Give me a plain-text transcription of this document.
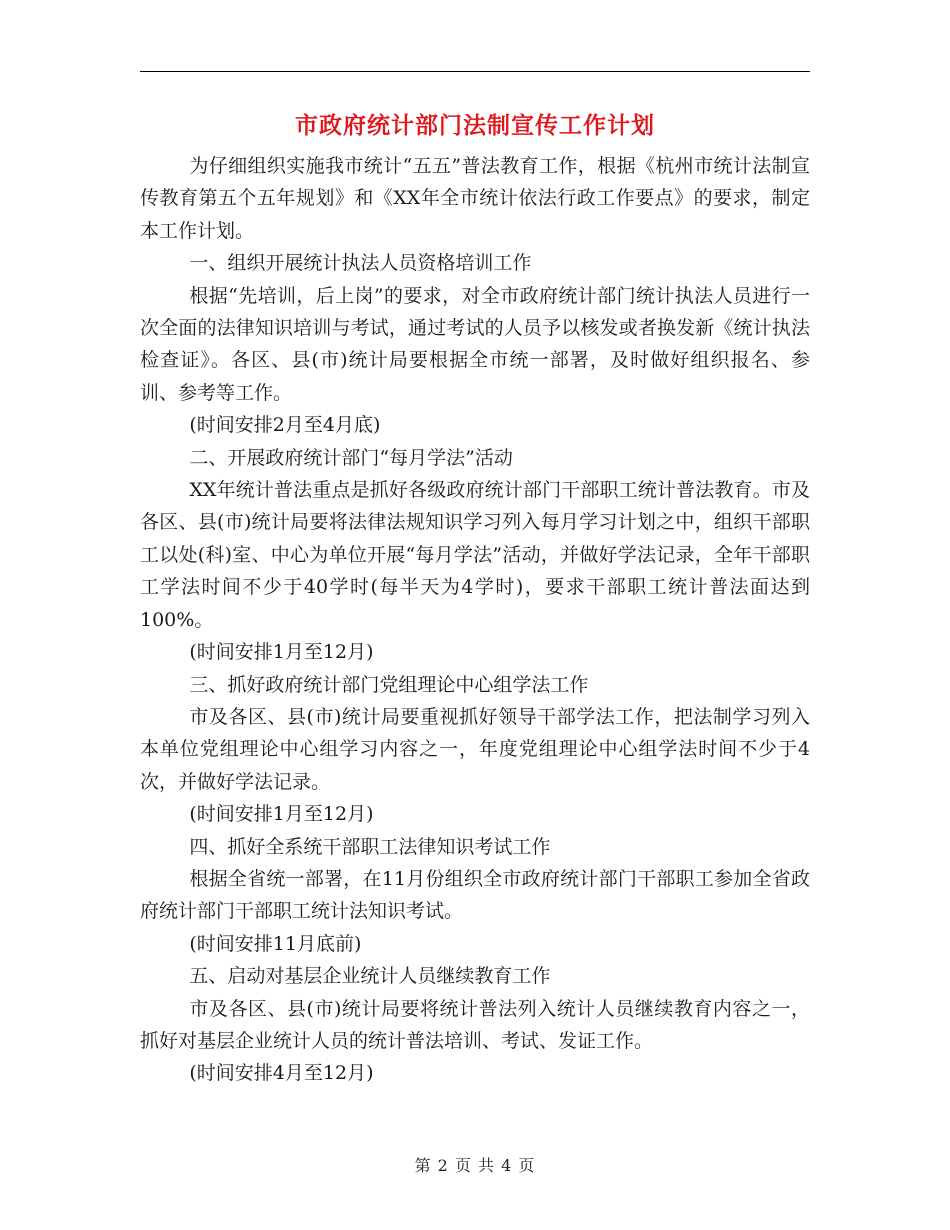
市政府统计部门法制宣传工作计划

为仔细组织实施我市统计“五五”普法教育工作，根据《杭州市统计法制宣传教育第五个五年规划》和《XX年全市统计依法行政工作要点》的要求，制定本工作计划。

一、组织开展统计执法人员资格培训工作

根据“先培训，后上岗”的要求，对全市政府统计部门统计执法人员进行一次全面的法律知识培训与考试，通过考试的人员予以核发或者换发新《统计执法检查证》。各区、县(市)统计局要根据全市统一部署，及时做好组织报名、参训、参考等工作。

(时间安排2月至4月底)

二、开展政府统计部门“每月学法”活动

XX年统计普法重点是抓好各级政府统计部门干部职工统计普法教育。市及各区、县(市)统计局要将法律法规知识学习列入每月学习计划之中，组织干部职工以处(科)室、中心为单位开展“每月学法”活动，并做好学法记录，全年干部职工学法时间不少于40学时(每半天为4学时)，要求干部职工统计普法面达到100%。

(时间安排1月至12月)

三、抓好政府统计部门党组理论中心组学法工作

市及各区、县(市)统计局要重视抓好领导干部学法工作，把法制学习列入本单位党组理论中心组学习内容之一，年度党组理论中心组学法时间不少于4次，并做好学法记录。

(时间安排1月至12月)

四、抓好全系统干部职工法律知识考试工作

根据全省统一部署，在11月份组织全市政府统计部门干部职工参加全省政府统计部门干部职工统计法知识考试。

(时间安排11月底前)

五、启动对基层企业统计人员继续教育工作

市及各区、县(市)统计局要将统计普法列入统计人员继续教育内容之一，抓好对基层企业统计人员的统计普法培训、考试、发证工作。

(时间安排4月至12月)

第 2 页 共 4 页
